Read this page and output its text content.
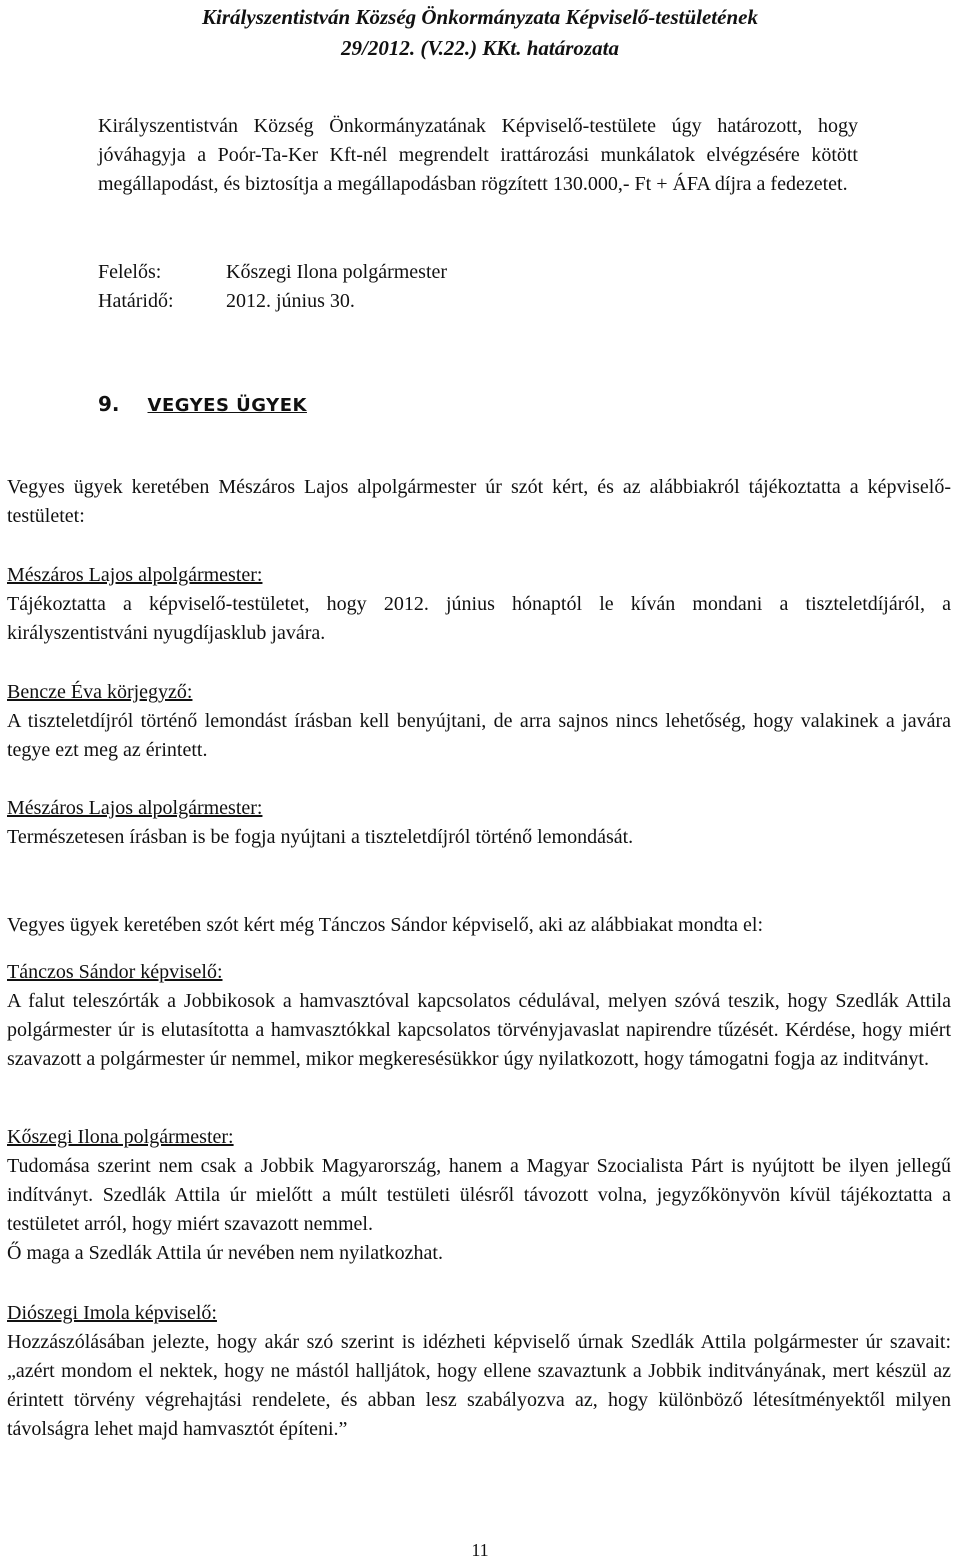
Királyszentistván Község Önkormányzata Képviselő-testületének
29/2012. (V.22.) KKt. határozata

Királyszentistván Község Önkormányzatának Képviselő-testülete úgy határozott, hogy jóváhagyja a Poór-Ta-Ker Kft-nél megrendelt irattározási munkálatok elvégzésére kötött megállapodást, és biztosítja a megállapodásban rögzített 130.000,- Ft + ÁFA díjra a fedezetet.

Felelős:	Kőszegi Ilona polgármester
Határidő:	2012. június 30.
9. VEGYES ÜGYEK

Vegyes ügyek keretében Mészáros Lajos alpolgármester úr szót kért, és az alábbiakról tájékoztatta a képviselő-testületet:

Mészáros Lajos alpolgármester:

Tájékoztatta a képviselő-testületet, hogy 2012. június hónaptól le kíván mondani a tiszteletdíjáról, a királyszentistváni nyugdíjasklub javára.

Bencze Éva körjegyző:

A tiszteletdíjról történő lemondást írásban kell benyújtani, de arra sajnos nincs lehetőség, hogy valakinek a javára tegye ezt meg az érintett.

Mészáros Lajos alpolgármester:

Természetesen írásban is be fogja nyújtani a tiszteletdíjról történő lemondását.

Vegyes ügyek keretében szót kért még Tánczos Sándor képviselő, aki az alábbiakat mondta el:

Tánczos Sándor képviselő:

A falut teleszórták a Jobbikosok a hamvasztóval kapcsolatos cédulával, melyen szóvá teszik, hogy Szedlák Attila polgármester úr is elutasította a hamvasztókkal kapcsolatos törvényjavaslat napirendre tűzését. Kérdése, hogy miért szavazott a polgármester úr nemmel, mikor megkeresésükkor úgy nyilatkozott, hogy támogatni fogja az inditványt.

Kőszegi Ilona polgármester:

Tudomása szerint nem csak a Jobbik Magyarország, hanem a Magyar Szocialista Párt is nyújtott be ilyen jellegű indítványt. Szedlák Attila úr mielőtt a múlt testületi ülésről távozott volna, jegyzőkönyvön kívül tájékoztatta a testületet arról, hogy miért szavazott nemmel.

Ő maga a Szedlák Attila úr nevében nem nyilatkozhat.

Diószegi Imola képviselő:

Hozzászólásában jelezte, hogy akár szó szerint is idézheti képviselő úrnak Szedlák Attila polgármester úr szavait: „azért mondom el nektek, hogy ne mástól halljátok, hogy ellene szavaztunk a Jobbik inditványának, mert készül az érintett törvény végrehajtási rendelete, és abban lesz szabályozva az, hogy különböző létesítményektől milyen távolságra lehet majd hamvasztót építeni.”

11
